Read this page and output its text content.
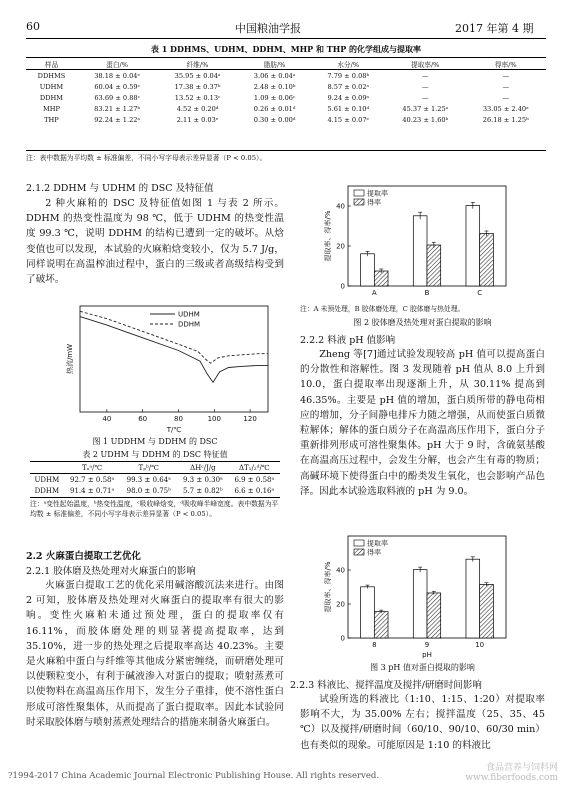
60	中国粮油学报	2017 年第 4 期
表 1 DDHMS、UDHM、DDHM、MHP 和 THP 的化学组成与提取率
样品	蛋白/%	纤维/%	脂肪/%	水分/%	提取率/%	得率/%
DDHMS	38.18 ± 0.04ᵉ	35.95 ± 0.04ᵃ	3.06 ± 0.04ᵃ	7.79 ± 0.08ᵇ	—	—
UDHM	60.04 ± 0.59ᶜ	17.38 ± 0.37ᵇ	2.48 ± 0.10ᵇ	8.57 ± 0.02ᵃ	—	—
DDHM	63.69 ± 0.88ᶜ	13.52 ± 0.13ᶜ	1.09 ± 0.06ᶜ	9.24 ± 0.09ᵃ	—	—
MHP	83.21 ± 1.27ᵇ	4.52 ± 0.20ᵈ	0.26 ± 0.01ᵈ	5.61 ± 0.10ᵈ	45.37 ± 1.25ᵃ	33.05 ± 2.40ᵃ
THP	92.24 ± 1.22ᵃ	2.11 ± 0.03ᵉ	0.30 ± 0.00ᵈ	4.15 ± 0.07ᵉ	40.23 ± 1.60ᵇ	26.18 ± 1.25ᵇ
注：表中数据为平均数 ± 标准偏差，不同小写字母表示差异显著（P < 0.05）。
2.1.2 DDHM 与 UDHM 的 DSC 及特征值

2 种火麻粕的 DSC 及特征值如图 1 与表 2 所示。DDHM 的热变性温度为 98 ℃，低于 UDHM 的热变性温度 99.3 ℃，说明 DDHM 的结构已遭到一定的破坏。从焓变值也可以发现，本试验的火麻粕焓变较小，仅为 5.7 J/g，同样说明在高温榨油过程中，蛋白的三级或者高级结构受到了破坏。

40	60	80	100	120
T/℃
热流/mW
UDHM
DDHM
图 1 UDDHM 与 DDHM 的 DSC
表 2 UDHM 与 DDHM 的 DSC 特征值
	Tₒᵃ/℃	Tₚᵇ/℃	ΔHᶜ/J/g	ΔT₁/₂ᵈ/℃
UDHM	92.7 ± 0.58ᵃ	99.3 ± 0.64ᵃ	9.3 ± 0.30ᵃ	6.9 ± 0.58ᵃ
DDHM	91.4 ± 0.71ᵃ	98.0 ± 0.75ᵇ	5.7 ± 0.82ᵇ	6.6 ± 0.16ᵃ
注：ᵃ变性起始温度，ᵇ热变性温度，ᶜ吸收峰焓变，ᵈ吸收峰半峰宽度。表中数据为平均数 ± 标准偏差，不同小写字母表示差异显著（P < 0.05）。
2.2 火麻蛋白提取工艺优化
2.2.1 胶体磨及热处理对火麻蛋白的影响

火麻蛋白提取工艺的优化采用碱溶酸沉法来进行。由图 2 可知，胶体磨及热处理对火麻蛋白的提取率有很大的影响。变性火麻粕未通过预处理，蛋白的提取率仅有 16.11%，而胶体磨处理的则显著提高提取率，达到 35.10%，进一步的热处理之后提取率高达 40.23%。主要是火麻粕中蛋白与纤维等其他成分紧密缠绕，而研磨处理可以使颗粒变小，有利于碱液渗入对蛋白的提取；喷射蒸煮可以使物料在高温高压作用下，发生分子重排，使不溶性蛋白形成可溶性聚集体，从而提高了蛋白提取率。因此本试验同时采取胶体磨与喷射蒸煮处理结合的措施来制备火麻蛋白。

0
20
40
提取率、得率/%
A	B	C
提取率
得率
注：A 未预处理，B 胶体磨处理，C 胶体磨与热处理。
图 2 胶体磨及热处理对蛋白提取的影响
2.2.2 料液 pH 值影响

Zheng 等[7]通过试验发现较高 pH 值可以提高蛋白的分散性和溶解性。图 3 发现随着 pH 值从 8.0 上升到 10.0，蛋白提取率出现逐渐上升，从 30.11% 提高到 46.35%。主要是 pH 值的增加，蛋白质所带的静电荷相应的增加，分子间静电排斥力随之增强，从而使蛋白质微粒解体；解体的蛋白质分子在高温高压作用下，蛋白分子重新排列形成可溶性聚集体。pH 大于 9 时，含硫氨基酸在高温高压过程中，会发生分解，也会产生有毒的物质；高碱环境下使得蛋白中的酚类发生氧化，也会影响产品色泽。因此本试验选取料液的 pH 为 9.0。

0
20
40
提取率、得率/%
8	9	10
pH
提取率
得率
图 3 pH 值对蛋白提取的影响
2.2.3 料液比、搅拌温度及搅拌/研磨时间影响

试验所选的料液比（1:10、1:15、1:20）对提取率影响不大，为 35.00% 左右；搅拌温度（25、35、45 ℃）以及搅拌/研磨时间（60/10、90/10、60/30 min）也有类似的现象。可能原因是 1:10 的料液比

?1994-2017 China Academic Journal Electronic Publishing House. All rights reserved.
食品营养与饲料网 www.fiberfoods.com
